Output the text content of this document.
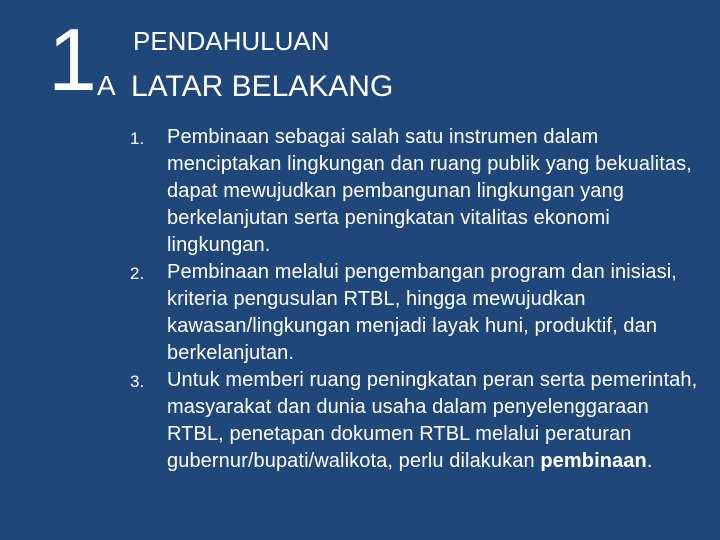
1 A
PENDAHULUAN
LATAR BELAKANG
1. Pembinaan sebagai salah satu instrumen dalam menciptakan lingkungan dan ruang publik yang bekualitas, dapat mewujudkan pembangunan lingkungan yang berkelanjutan serta peningkatan vitalitas ekonomi lingkungan.
2. Pembinaan melalui pengembangan program dan inisiasi, kriteria pengusulan RTBL, hingga mewujudkan kawasan/lingkungan menjadi layak huni, produktif, dan berkelanjutan.
3. Untuk memberi ruang peningkatan peran serta pemerintah, masyarakat dan dunia usaha dalam penyelenggaraan RTBL, penetapan dokumen RTBL melalui peraturan gubernur/bupati/walikota, perlu dilakukan pembinaan.
